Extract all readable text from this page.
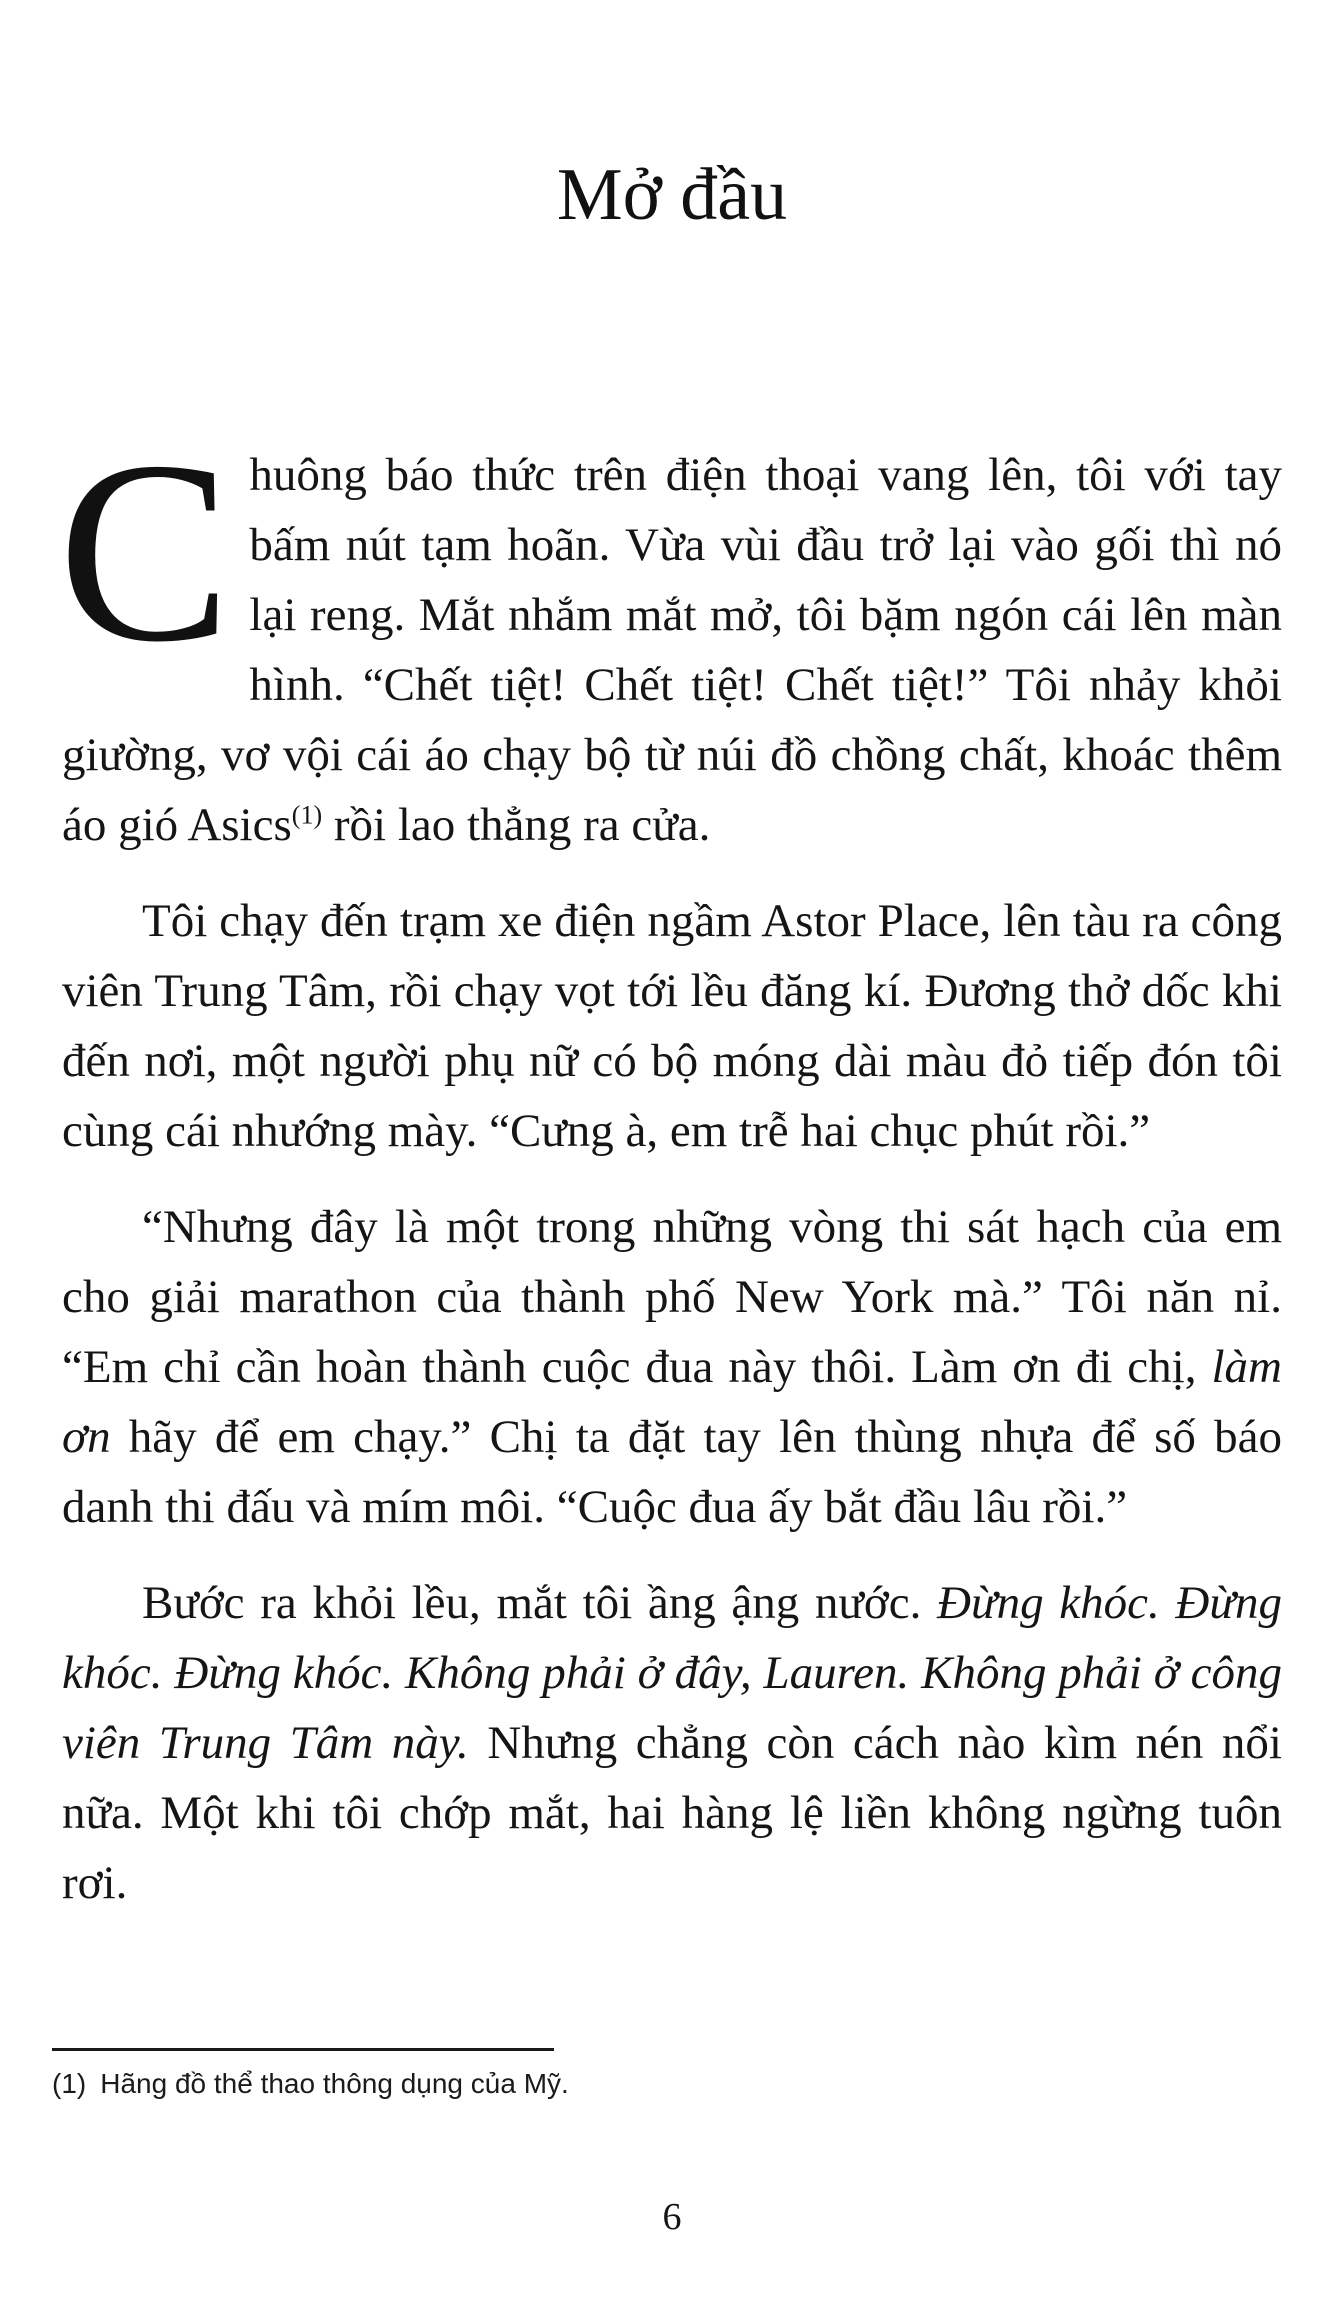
Mở đầu

Chuông báo thức trên điện thoại vang lên, tôi với tay bấm nút tạm hoãn. Vừa vùi đầu trở lại vào gối thì nó lại reng. Mắt nhắm mắt mở, tôi bặm ngón cái lên màn hình. “Chết tiệt! Chết tiệt! Chết tiệt!” Tôi nhảy khỏi giường, vơ vội cái áo chạy bộ từ núi đồ chồng chất, khoác thêm áo gió Asics$^{(1)}$ rồi lao thẳng ra cửa.

Tôi chạy đến trạm xe điện ngầm Astor Place, lên tàu ra công viên Trung Tâm, rồi chạy vọt tới lều đăng kí. Đương thở dốc khi đến nơi, một người phụ nữ có bộ móng dài màu đỏ tiếp đón tôi cùng cái nhướng mày. “Cưng à, em trễ hai chục phút rồi.”

“Nhưng đây là một trong những vòng thi sát hạch của em cho giải marathon của thành phố New York mà.” Tôi năn nỉ. “Em chỉ cần hoàn thành cuộc đua này thôi. Làm ơn đi chị, làm ơn hãy để em chạy.” Chị ta đặt tay lên thùng nhựa để số báo danh thi đấu và mím môi. “Cuộc đua ấy bắt đầu lâu rồi.”

Bước ra khỏi lều, mắt tôi ầng ậng nước. Đừng khóc. Đừng khóc. Đừng khóc. Không phải ở đây, Lauren. Không phải ở công viên Trung Tâm này. Nhưng chẳng còn cách nào kìm nén nổi nữa. Một khi tôi chớp mắt, hai hàng lệ liền không ngừng tuôn rơi.

(1) Hãng đồ thể thao thông dụng của Mỹ.
6
